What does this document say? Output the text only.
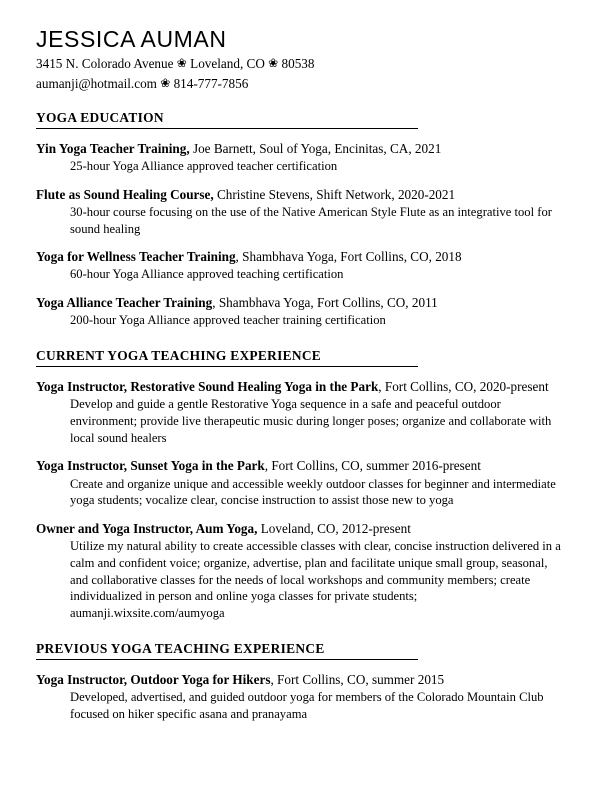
JESSICA AUMAN

3415 N. Colorado Avenue ❀ Loveland, CO ❀ 80538

aumanji@hotmail.com ❀ 814-777-7856

YOGA EDUCATION
Yin Yoga Teacher Training, Joe Barnett, Soul of Yoga, Encinitas, CA, 2021
25-hour Yoga Alliance approved teacher certification
Flute as Sound Healing Course, Christine Stevens, Shift Network, 2020-2021
30-hour course focusing on the use of the Native American Style Flute as an integrative tool for sound healing
Yoga for Wellness Teacher Training, Shambhava Yoga, Fort Collins, CO, 2018
60-hour Yoga Alliance approved teaching certification
Yoga Alliance Teacher Training, Shambhava Yoga, Fort Collins, CO, 2011
200-hour Yoga Alliance approved teacher training certification
CURRENT YOGA TEACHING EXPERIENCE
Yoga Instructor, Restorative Sound Healing Yoga in the Park, Fort Collins, CO, 2020-present
Develop and guide a gentle Restorative Yoga sequence in a safe and peaceful outdoor environment; provide live therapeutic music during longer poses; organize and collaborate with local sound healers
Yoga Instructor, Sunset Yoga in the Park, Fort Collins, CO, summer 2016-present
Create and organize unique and accessible weekly outdoor classes for beginner and intermediate yoga students; vocalize clear, concise instruction to assist those new to yoga
Owner and Yoga Instructor, Aum Yoga, Loveland, CO, 2012-present
Utilize my natural ability to create accessible classes with clear, concise instruction delivered in a calm and confident voice; organize, advertise, plan and facilitate unique small group, seasonal, and collaborative classes for the needs of local workshops and community members; create individualized in person and online yoga classes for private students; aumanji.wixsite.com/aumyoga
PREVIOUS YOGA TEACHING EXPERIENCE
Yoga Instructor, Outdoor Yoga for Hikers, Fort Collins, CO, summer 2015
Developed, advertised, and guided outdoor yoga for members of the Colorado Mountain Club focused on hiker specific asana and pranayama
